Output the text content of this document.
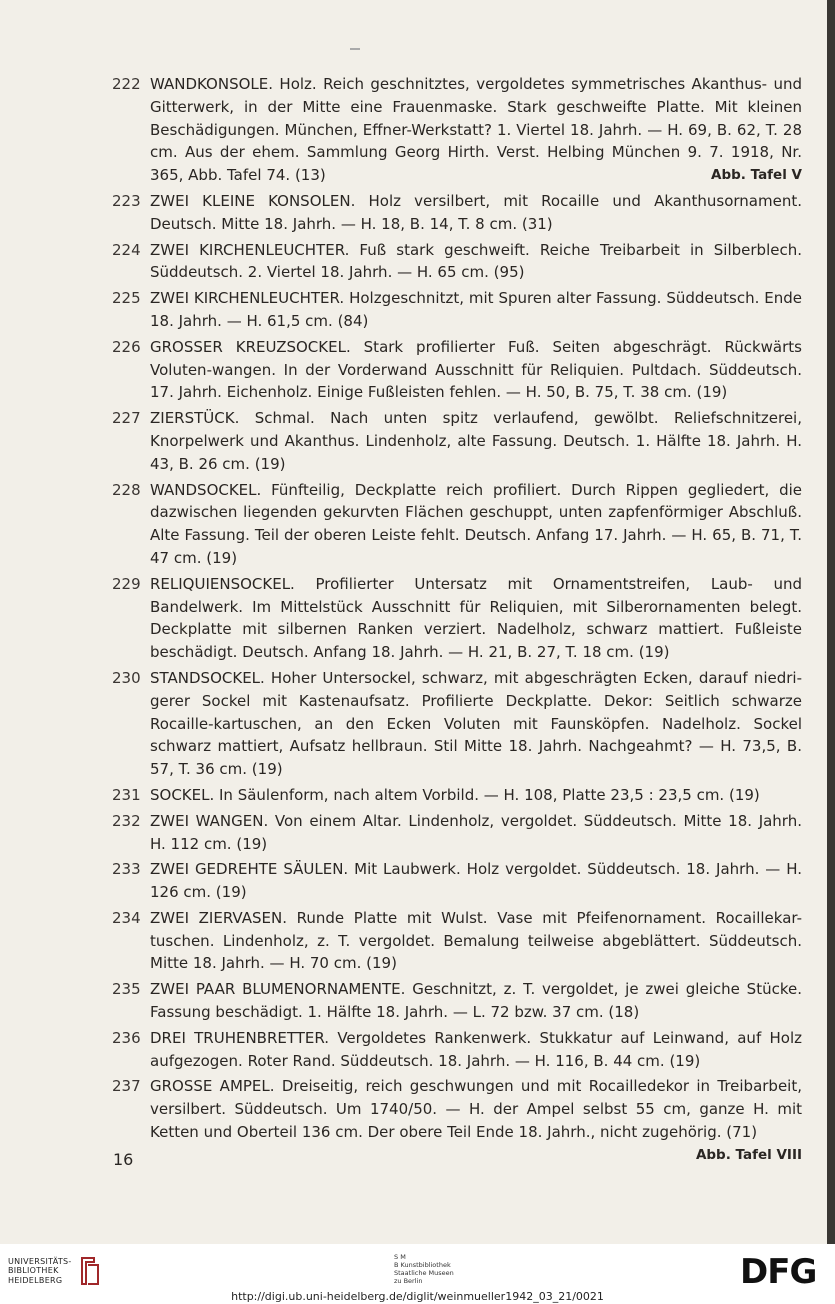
222 WANDKONSOLE. Holz. Reich geschnitztes, vergoldetes symmetrisches Akanthus- und Gitterwerk, in der Mitte eine Frauenmaske. Stark geschweifte Platte. Mit kleinen Beschädigungen. München, Effner-Werkstatt? 1. Viertel 18. Jahrh. — H. 69, B. 62, T. 28 cm. Aus der ehem. Sammlung Georg Hirth. Verst. Helbing München 9. 7. 1918, Nr. 365, Abb. Tafel 74. (13)	Abb. Tafel V
223 ZWEI KLEINE KONSOLEN. Holz versilbert, mit Rocaille und Akanthusornament. Deutsch. Mitte 18. Jahrh. — H. 18, B. 14, T. 8 cm. (31)
224 ZWEI KIRCHENLEUCHTER. Fuß stark geschweift. Reiche Treibarbeit in Silberblech. Süddeutsch. 2. Viertel 18. Jahrh. — H. 65 cm. (95)
225 ZWEI KIRCHENLEUCHTER. Holzgeschnitzt, mit Spuren alter Fassung. Süddeutsch. Ende 18. Jahrh. — H. 61,5 cm. (84)
226 GROSSER KREUZSOCKEL. Stark profilierter Fuß. Seiten abgeschrägt. Rückwärts Voluten-wangen. In der Vorderwand Ausschnitt für Reliquien. Pultdach. Süddeutsch. 17. Jahrh. Eichenholz. Einige Fußleisten fehlen. — H. 50, B. 75, T. 38 cm. (19)
227 ZIERSTÜCK. Schmal. Nach unten spitz verlaufend, gewölbt. Reliefschnitzerei, Knorpelwerk und Akanthus. Lindenholz, alte Fassung. Deutsch. 1. Hälfte 18. Jahrh. H. 43, B. 26 cm. (19)
228 WANDSOCKEL. Fünfteilig, Deckplatte reich profiliert. Durch Rippen gegliedert, die dazwischen liegenden gekurvten Flächen geschuppt, unten zapfenförmiger Abschluß. Alte Fassung. Teil der oberen Leiste fehlt. Deutsch. Anfang 17. Jahrh. — H. 65, B. 71, T. 47 cm. (19)
229 RELIQUIENSOCKEL. Profilierter Untersatz mit Ornamentstreifen, Laub- und Bandelwerk. Im Mittelstück Ausschnitt für Reliquien, mit Silberornamenten belegt. Deckplatte mit silbernen Ranken verziert. Nadelholz, schwarz mattiert. Fußleiste beschädigt. Deutsch. Anfang 18. Jahrh. — H. 21, B. 27, T. 18 cm. (19)
230 STANDSOCKEL. Hoher Untersockel, schwarz, mit abgeschrägten Ecken, darauf niedri-gerer Sockel mit Kastenaufsatz. Profilierte Deckplatte. Dekor: Seitlich schwarze Rocaille-kartuschen, an den Ecken Voluten mit Faunsköpfen. Nadelholz. Sockel schwarz mattiert, Aufsatz hellbraun. Stil Mitte 18. Jahrh. Nachgeahmt? — H. 73,5, B. 57, T. 36 cm. (19)
231 SOCKEL. In Säulenform, nach altem Vorbild. — H. 108, Platte 23,5 : 23,5 cm. (19)
232 ZWEI WANGEN. Von einem Altar. Lindenholz, vergoldet. Süddeutsch. Mitte 18. Jahrh. H. 112 cm. (19)
233 ZWEI GEDREHTE SÄULEN. Mit Laubwerk. Holz vergoldet. Süddeutsch. 18. Jahrh. — H. 126 cm. (19)
234 ZWEI ZIERVASEN. Runde Platte mit Wulst. Vase mit Pfeifenornament. Rocaillekar-tuschen. Lindenholz, z. T. vergoldet. Bemalung teilweise abgeblättert. Süddeutsch. Mitte 18. Jahrh. — H. 70 cm. (19)
235 ZWEI PAAR BLUMENORNAMENTE. Geschnitzt, z. T. vergoldet, je zwei gleiche Stücke. Fassung beschädigt. 1. Hälfte 18. Jahrh. — L. 72 bzw. 37 cm. (18)
236 DREI TRUHENBRETTER. Vergoldetes Rankenwerk. Stukkatur auf Leinwand, auf Holz aufgezogen. Roter Rand. Süddeutsch. 18. Jahrh. — H. 116, B. 44 cm. (19)
237 GROSSE AMPEL. Dreiseitig, reich geschwungen und mit Rocailledekor in Treibarbeit, versilbert. Süddeutsch. Um 1740/50. — H. der Ampel selbst 55 cm, ganze H. mit Ketten und Oberteil 136 cm. Der obere Teil Ende 18. Jahrh., nicht zugehörig. (71)
Abb. Tafel VIII
16
UNIVERSITÄTS-
BIBLIOTHEK
HEIDELBERG
S M
B Kunstbibliothek
Staatliche Museen
zu Berlin	DFG
http://digi.ub.uni-heidelberg.de/diglit/weinmueller1942_03_21/0021
